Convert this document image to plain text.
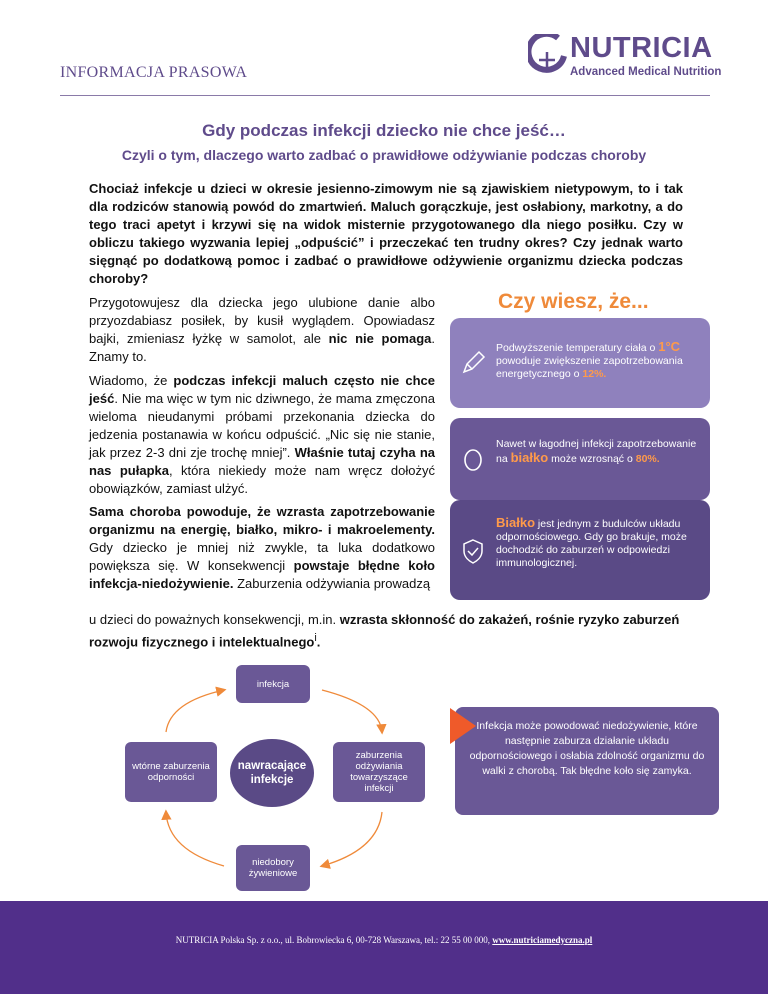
INFORMACJA PRASOWA
NUTRICIA
Advanced Medical Nutrition
Gdy podczas infekcji dziecko nie chce jeść…
Czyli o tym, dlaczego warto zadbać o prawidłowe odżywianie podczas choroby
Chociaż infekcje u dzieci w okresie jesienno-zimowym nie są zjawiskiem nietypowym, to i tak dla rodziców stanowią powód do zmartwień. Maluch gorączkuje, jest osłabiony, markotny, a do tego traci apetyt i krzywi się na widok misternie przygotowanego dla niego posiłku. Czy w obliczu takiego wyzwania lepiej „odpuścić” i przeczekać ten trudny okres? Czy jednak warto sięgnąć po dodatkową pomoc i zadbać o prawidłowe odżywienie organizmu dziecka podczas choroby?
Przygotowujesz dla dziecka jego ulubione danie albo przyozdabiasz posiłek, by kusił wyglądem. Opowiadasz bajki, zmieniasz łyżkę w samolot, ale nic nie pomaga. Znamy to.
Wiadomo, że podczas infekcji maluch często nie chce jeść. Nie ma więc w tym nic dziwnego, że mama zmęczona wieloma nieudanymi próbami przekonania dziecka do jedzenia postanawia w końcu odpuścić. „Nic się nie stanie, jak przez 2-3 dni zje trochę mniej”. Właśnie tutaj czyha na nas pułapka, która niekiedy może nam wręcz dołożyć obowiązków, zamiast ulżyć.
Sama choroba powoduje, że wzrasta zapotrzebowanie organizmu na energię, białko, mikro- i makroelementy. Gdy dziecko je mniej niż zwykle, ta luka dodatkowo powiększa się. W konsekwencji powstaje błędne koło infekcja-niedożywienie. Zaburzenia odżywiania prowadzą
u dzieci do poważnych konsekwencji, m.in. wzrasta skłonność do zakażeń, rośnie ryzyko zaburzeń rozwoju fizycznego i intelektualnego$^i$.
Czy wiesz, że...
Podwyższenie temperatury ciała o 1°C powoduje zwiększenie zapotrzebowania energetycznego o 12%.
Nawet w łagodnej infekcji zapotrzebowanie na białko może wzrosnąć o 80%.
Białko jest jednym z budulców układu odpornościowego. Gdy go brakuje, może dochodzić do zaburzeń w odpowiedzi immunologicznej.
infekcja
wtórne zaburzenia odporności
zaburzenia odżywiania towarzyszące infekcji
niedobory żywieniowe
nawracające infekcje
Infekcja może powodować niedożywienie, które następnie zaburza działanie układu odpornościowego i osłabia zdolność organizmu do walki z chorobą. Tak błędne koło się zamyka.
NUTRICIA Polska Sp. z o.o., ul. Bobrowiecka 6, 00-728 Warszawa, tel.: 22 55 00 000, www.nutriciamedyczna.pl
